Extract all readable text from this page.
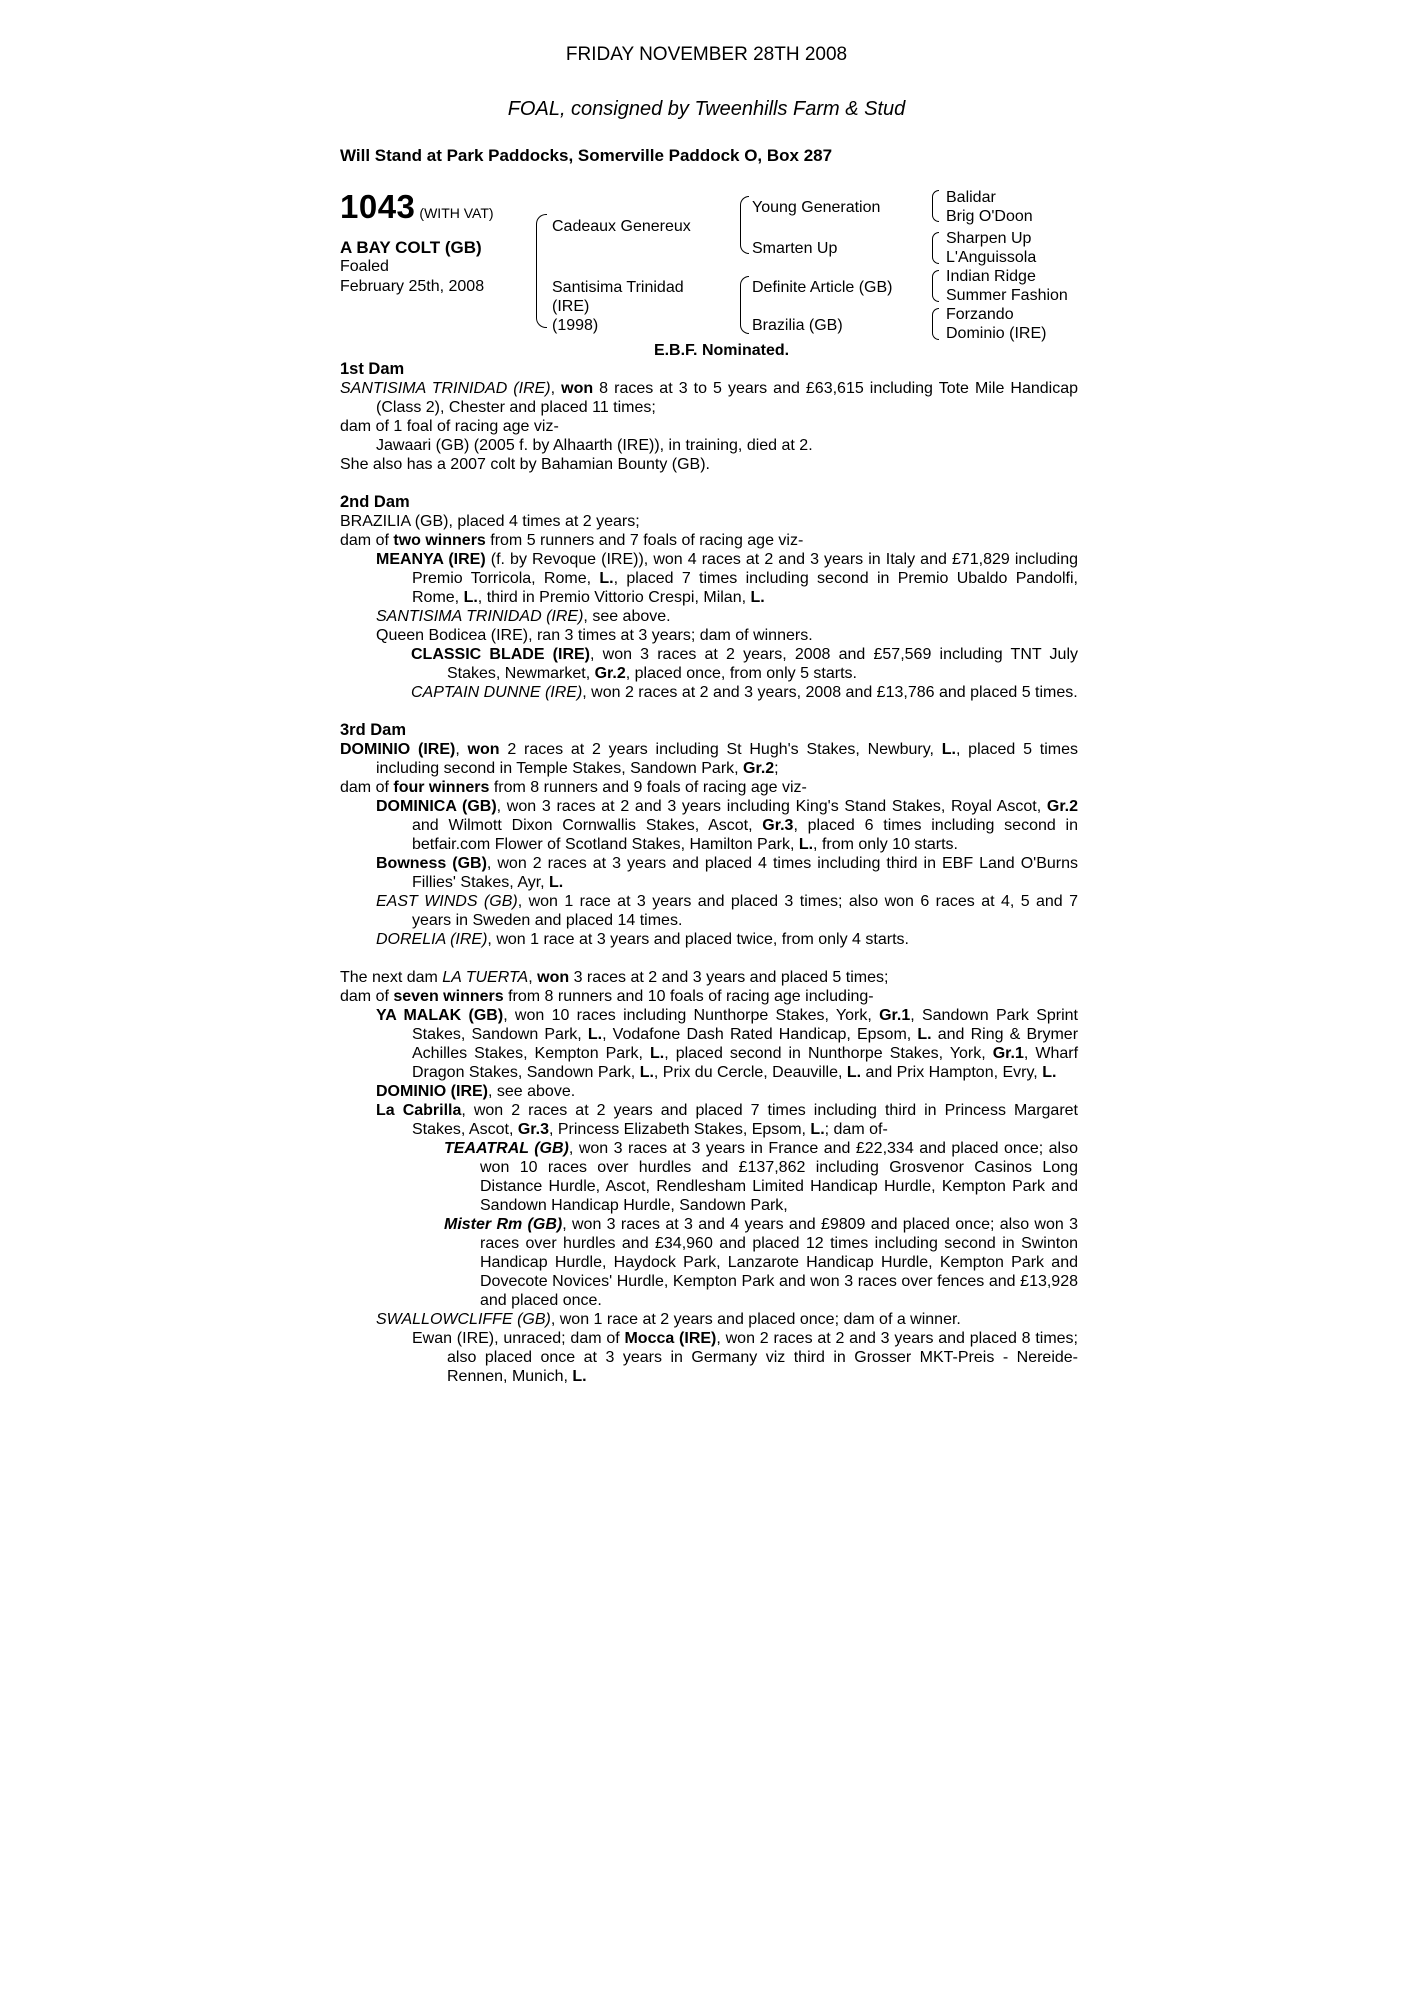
FRIDAY NOVEMBER 28TH 2008
FOAL, consigned by Tweenhills Farm & Stud
Will Stand at Park Paddocks, Somerville Paddock O, Box 287
1043 (WITH VAT)
A BAY COLT (GB)
Foaled
February 25th, 2008
Cadeaux Genereux
Santisima Trinidad
(IRE)
(1998)
Young Generation
Smarten Up
Definite Article (GB)
Brazilia (GB)
Balidar
Brig O'Doon
Sharpen Up
L'Anguissola
Indian Ridge
Summer Fashion
Forzando
Dominio (IRE)
E.B.F. Nominated.

1st Dam

SANTISIMA TRINIDAD (IRE), won 8 races at 3 to 5 years and £63,615 including Tote Mile Handicap (Class 2), Chester and placed 11 times;

dam of 1 foal of racing age viz-

Jawaari (GB) (2005 f. by Alhaarth (IRE)), in training, died at 2.

She also has a 2007 colt by Bahamian Bounty (GB).

2nd Dam

BRAZILIA (GB), placed 4 times at 2 years;

dam of two winners from 5 runners and 7 foals of racing age viz-

MEANYA (IRE) (f. by Revoque (IRE)), won 4 races at 2 and 3 years in Italy and £71,829 including Premio Torricola, Rome, L., placed 7 times including second in Premio Ubaldo Pandolfi, Rome, L., third in Premio Vittorio Crespi, Milan, L.

SANTISIMA TRINIDAD (IRE), see above.

Queen Bodicea (IRE), ran 3 times at 3 years; dam of winners.

CLASSIC BLADE (IRE), won 3 races at 2 years, 2008 and £57,569 including TNT July Stakes, Newmarket, Gr.2, placed once, from only 5 starts.

CAPTAIN DUNNE (IRE), won 2 races at 2 and 3 years, 2008 and £13,786 and placed 5 times.

3rd Dam

DOMINIO (IRE), won 2 races at 2 years including St Hugh's Stakes, Newbury, L., placed 5 times including second in Temple Stakes, Sandown Park, Gr.2;

dam of four winners from 8 runners and 9 foals of racing age viz-

DOMINICA (GB), won 3 races at 2 and 3 years including King's Stand Stakes, Royal Ascot, Gr.2 and Wilmott Dixon Cornwallis Stakes, Ascot, Gr.3, placed 6 times including second in betfair.com Flower of Scotland Stakes, Hamilton Park, L., from only 10 starts.

Bowness (GB), won 2 races at 3 years and placed 4 times including third in EBF Land O'Burns Fillies' Stakes, Ayr, L.

EAST WINDS (GB), won 1 race at 3 years and placed 3 times; also won 6 races at 4, 5 and 7 years in Sweden and placed 14 times.

DORELIA (IRE), won 1 race at 3 years and placed twice, from only 4 starts.

The next dam LA TUERTA, won 3 races at 2 and 3 years and placed 5 times;

dam of seven winners from 8 runners and 10 foals of racing age including-

YA MALAK (GB), won 10 races including Nunthorpe Stakes, York, Gr.1, Sandown Park Sprint Stakes, Sandown Park, L., Vodafone Dash Rated Handicap, Epsom, L. and Ring & Brymer Achilles Stakes, Kempton Park, L., placed second in Nunthorpe Stakes, York, Gr.1, Wharf Dragon Stakes, Sandown Park, L., Prix du Cercle, Deauville, L. and Prix Hampton, Evry, L.

DOMINIO (IRE), see above.

La Cabrilla, won 2 races at 2 years and placed 7 times including third in Princess Margaret Stakes, Ascot, Gr.3, Princess Elizabeth Stakes, Epsom, L.; dam of-

TEAATRAL (GB), won 3 races at 3 years in France and £22,334 and placed once; also won 10 races over hurdles and £137,862 including Grosvenor Casinos Long Distance Hurdle, Ascot, Rendlesham Limited Handicap Hurdle, Kempton Park and Sandown Handicap Hurdle, Sandown Park,

Mister Rm (GB), won 3 races at 3 and 4 years and £9809 and placed once; also won 3 races over hurdles and £34,960 and placed 12 times including second in Swinton Handicap Hurdle, Haydock Park, Lanzarote Handicap Hurdle, Kempton Park and Dovecote Novices' Hurdle, Kempton Park and won 3 races over fences and £13,928 and placed once.

SWALLOWCLIFFE (GB), won 1 race at 2 years and placed once; dam of a winner.

Ewan (IRE), unraced; dam of Mocca (IRE), won 2 races at 2 and 3 years and placed 8 times; also placed once at 3 years in Germany viz third in Grosser MKT-Preis - Nereide-Rennen, Munich, L.
